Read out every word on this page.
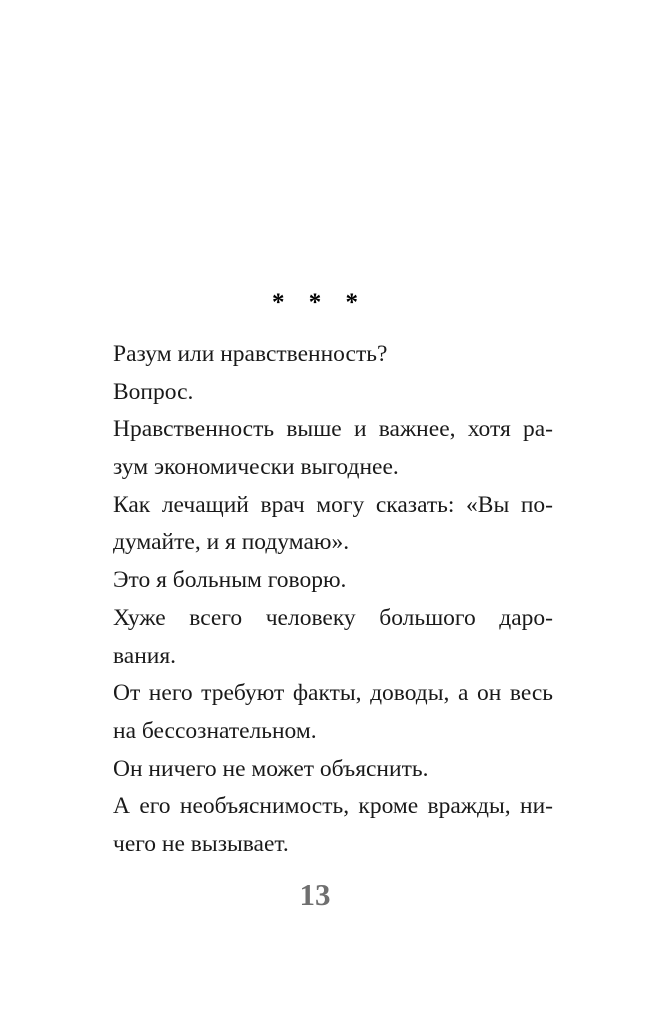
* * *
Разум или нравственность?
Вопрос.
Нравственность выше и важнее, хотя ра-
зум экономически выгоднее.
Как лечащий врач могу сказать: «Вы по-
думайте, и я подумаю».
Это я больным говорю.
Хуже всего человеку большого даро-
вания.
От него требуют факты, доводы, а он весь
на бессознательном.
Он ничего не может объяснить.
А его необъяснимость, кроме вражды, ни-
чего не вызывает.
13
